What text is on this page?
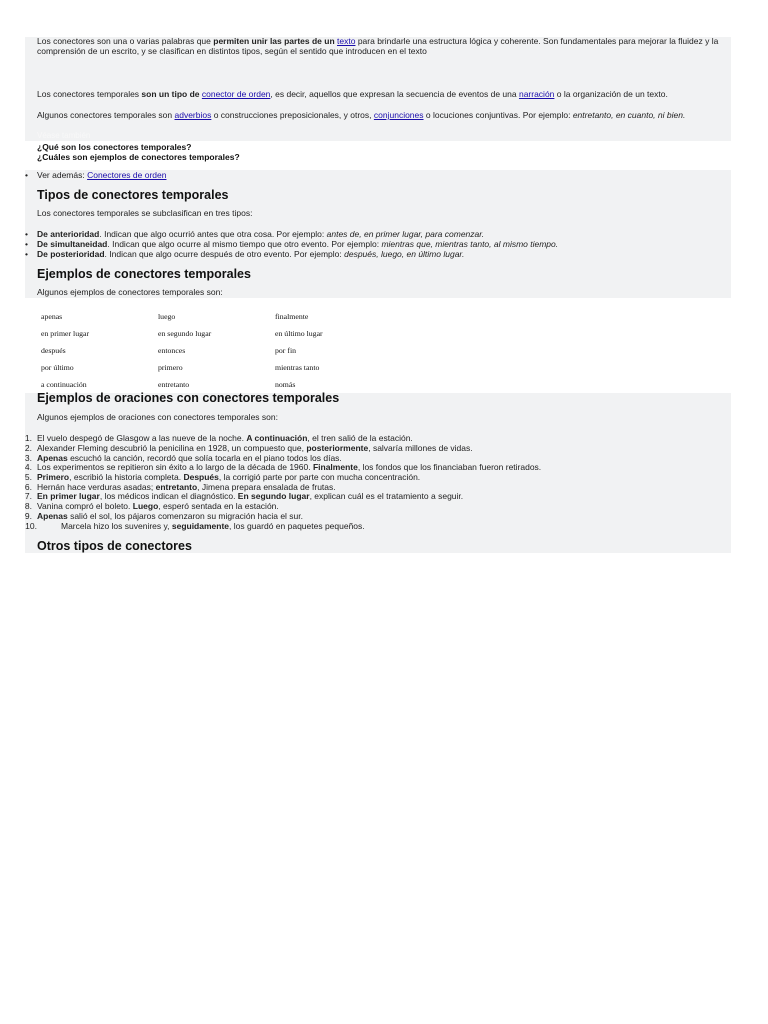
Los conectores son una o varias palabras que permiten unir las partes de un texto para brindarle una estructura lógica y coherente. Son fundamentales para mejorar la fluidez y la comprensión de un escrito, y se clasifican en distintos tipos, según el sentido que introducen en el texto

Los conectores temporales son un tipo de conector de orden, es decir, aquellos que expresan la secuencia de eventos de una narración o la organización de un texto.

Algunos conectores temporales son adverbios o construcciones preposicionales, y otros, conjunciones o locuciones conjuntivas. Por ejemplo: entretanto, en cuanto, ni bien.

Véase también

¿Qué son los conectores temporales?

¿Cuáles son ejemplos de conectores temporales?

• Ver además: Conectores de orden
Tipos de conectores temporales
Los conectores temporales se subclasifican en tres tipos:
• De anterioridad. Indican que algo ocurrió antes que otra cosa. Por ejemplo: antes de, en primer lugar, para comenzar.
• De simultaneidad. Indican que algo ocurre al mismo tiempo que otro evento. Por ejemplo: mientras que, mientras tanto, al mismo tiempo.
• De posterioridad. Indican que algo ocurre después de otro evento. Por ejemplo: después, luego, en último lugar.
Ejemplos de conectores temporales
Algunos ejemplos de conectores temporales son:
apenas	luego	finalmente
en primer lugar	en segundo lugar	en último lugar
después	entonces	por fin
por último	primero	mientras tanto
a continuación	entretanto	nomás
Ejemplos de oraciones con conectores temporales
Algunos ejemplos de oraciones con conectores temporales son:
1. El vuelo despegó de Glasgow a las nueve de la noche. A continuación, el tren salió de la estación.
2. Alexander Fleming descubrió la penicilina en 1928, un compuesto que, posteriormente, salvaría millones de vidas.
3. Apenas escuchó la canción, recordó que solía tocarla en el piano todos los días.
4. Los experimentos se repitieron sin éxito a lo largo de la década de 1960. Finalmente, los fondos que los financiaban fueron retirados.
5. Primero, escribió la historia completa. Después, la corrigió parte por parte con mucha concentración.
6. Hernán hace verduras asadas; entretanto, Jimena prepara ensalada de frutas.
7. En primer lugar, los médicos indican el diagnóstico. En segundo lugar, explican cuál es el tratamiento a seguir.
8. Vanina compró el boleto. Luego, esperó sentada en la estación.
9. Apenas salió el sol, los pájaros comenzaron su migración hacia el sur.
10.	Marcela hizo los suvenires y, seguidamente, los guardó en paquetes pequeños.
Otros tipos de conectores
